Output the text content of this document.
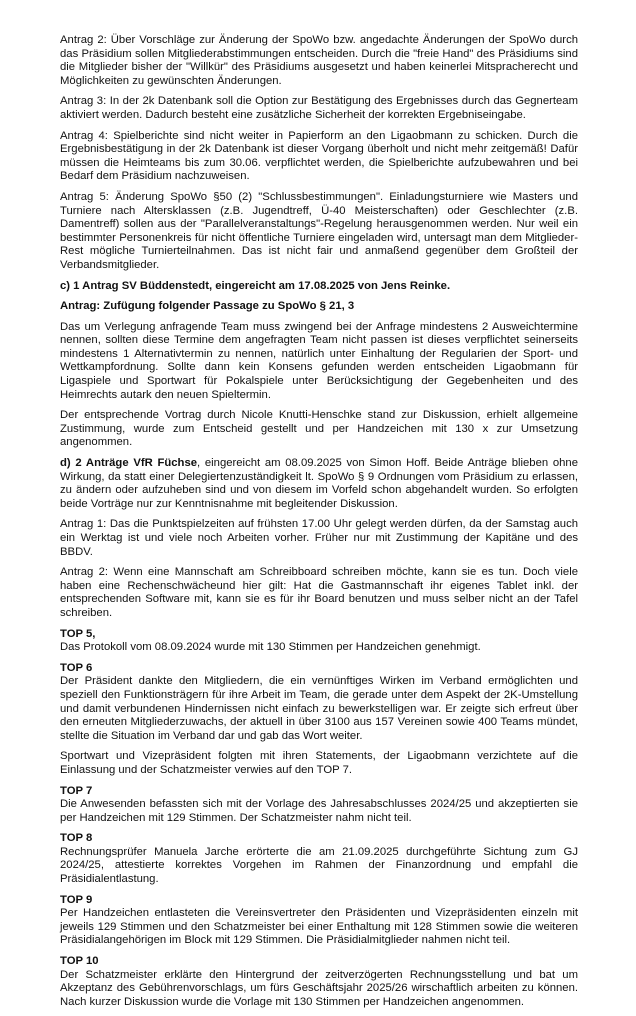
Antrag 2: Über Vorschläge zur Änderung der SpoWo bzw. angedachte Änderungen der SpoWo durch das Präsidium sollen Mitgliederabstimmungen entscheiden. Durch die "freie Hand" des Präsidiums sind die Mitglieder bisher der "Willkür" des Präsidiums ausgesetzt und haben keinerlei Mitspracherecht und Möglichkeiten zu gewünschten Änderungen.

Antrag 3: In der 2k Datenbank soll die Option zur Bestätigung des Ergebnisses durch das Gegnerteam aktiviert werden. Dadurch besteht eine zusätzliche Sicherheit der korrekten Ergebniseingabe.

Antrag 4: Spielberichte sind nicht weiter in Papierform an den Ligaobmann zu schicken. Durch die Ergebnisbestätigung in der 2k Datenbank ist dieser Vorgang überholt und nicht mehr zeitgemäß! Dafür müssen die Heimteams bis zum 30.06. verpflichtet werden, die Spielberichte aufzubewahren und bei Bedarf dem Präsidium nachzuweisen.

Antrag 5: Änderung SpoWo §50 (2) "Schlussbestimmungen". Einladungsturniere wie Masters und Turniere nach Altersklassen (z.B. Jugendtreff, Ü-40 Meisterschaften) oder Geschlechter (z.B. Damentreff) sollen aus der "Parallelveranstaltungs"-Regelung herausgenommen werden. Nur weil ein bestimmter Personenkreis für nicht öffentliche Turniere eingeladen wird, untersagt man dem Mitglieder-Rest mögliche Turnierteilnahmen. Das ist nicht fair und anmaßend gegenüber dem Großteil der Verbandsmitglieder.

c) 1 Antrag SV Büddenstedt, eingereicht am 17.08.2025 von Jens Reinke.

Antrag: Zufügung folgender Passage zu SpoWo § 21, 3

Das um Verlegung anfragende Team muss zwingend bei der Anfrage mindestens 2 Ausweichtermine nennen, sollten diese Termine dem angefragten Team nicht passen ist dieses verpflichtet seinerseits mindestens 1 Alternativtermin zu nennen, natürlich unter Einhaltung der Regularien der Sport- und Wettkampfordnung. Sollte dann kein Konsens gefunden werden entscheiden Ligaobmann für Ligaspiele und Sportwart für Pokalspiele unter Berücksichtigung der Gegebenheiten und des Heimrechts autark den neuen Spieltermin.

Der entsprechende Vortrag durch Nicole Knutti-Henschke stand zur Diskussion, erhielt allgemeine Zustimmung, wurde zum Entscheid gestellt und per Handzeichen mit 130 x zur Umsetzung angenommen.

d) 2 Anträge VfR Füchse, eingereicht am 08.09.2025 von Simon Hoff. Beide Anträge blieben ohne Wirkung, da statt einer Delegiertenzuständigkeit lt. SpoWo § 9 Ordnungen vom Präsidium zu erlassen, zu ändern oder aufzuheben sind und von diesem im Vorfeld schon abgehandelt wurden. So erfolgten beide Vorträge nur zur Kenntnisnahme mit begleitender Diskussion.

Antrag 1: Das die Punktspielzeiten auf frühsten 17.00 Uhr gelegt werden dürfen, da der Samstag auch ein Werktag ist und viele noch Arbeiten vorher. Früher nur mit Zustimmung der Kapitäne und des BBDV.

Antrag 2: Wenn eine Mannschaft am Schreibboard schreiben möchte, kann sie es tun. Doch viele haben eine Rechenschwächeund hier gilt: Hat die Gastmannschaft ihr eigenes Tablet inkl. der entsprechenden Software mit, kann sie es für ihr Board benutzen und muss selber nicht an der Tafel schreiben.

TOP 5,
Das Protokoll vom 08.09.2024 wurde mit 130 Stimmen per Handzeichen genehmigt.
TOP 6
Der Präsident dankte den Mitgliedern, die ein vernünftiges Wirken im Verband ermöglichten und speziell den Funktionsträgern für ihre Arbeit im Team, die gerade unter dem Aspekt der 2K-Umstellung und damit verbundenen Hindernissen nicht einfach zu bewerkstelligen war. Er zeigte sich erfreut über den erneuten Mitgliederzuwachs, der aktuell in über 3100 aus 157 Vereinen sowie 400 Teams mündet, stellte die Situation im Verband dar und gab das Wort weiter.

Sportwart und Vizepräsident folgten mit ihren Statements, der Ligaobmann verzichtete auf die Einlassung und der Schatzmeister verwies auf den TOP 7.

TOP 7
Die Anwesenden befassten sich mit der Vorlage des Jahresabschlusses 2024/25 und akzeptierten sie per Handzeichen mit 129 Stimmen. Der Schatzmeister nahm nicht teil.
TOP 8
Rechnungsprüfer Manuela Jarche erörterte die am 21.09.2025 durchgeführte Sichtung zum GJ 2024/25, attestierte korrektes Vorgehen im Rahmen der Finanzordnung und empfahl die Präsidialentlastung.
TOP 9
Per Handzeichen entlasteten die Vereinsvertreter den Präsidenten und Vizepräsidenten einzeln mit jeweils 129 Stimmen und den Schatzmeister bei einer Enthaltung mit 128 Stimmen sowie die weiteren Präsidialangehörigen im Block mit 129 Stimmen. Die Präsidialmitglieder nahmen nicht teil.
TOP 10
Der Schatzmeister erklärte den Hintergrund der zeitverzögerten Rechnungsstellung und bat um Akzeptanz des Gebührenvorschlags, um fürs Geschäftsjahr 2025/26 wirschaftlich arbeiten zu können. Nach kurzer Diskussion wurde die Vorlage mit 130 Stimmen per Handzeichen angenommen.
